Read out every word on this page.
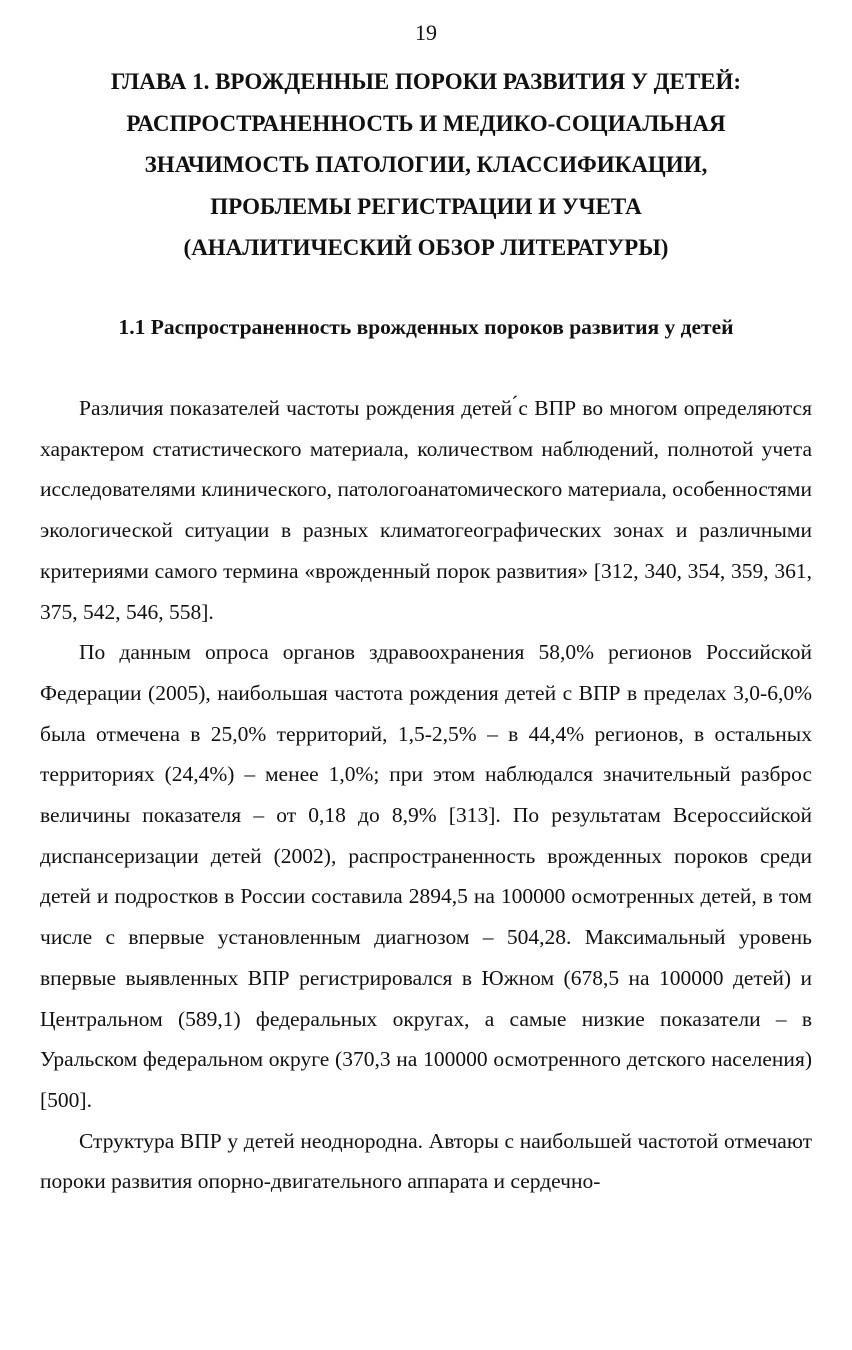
19
ГЛАВА 1. ВРОЖДЕННЫЕ ПОРОКИ РАЗВИТИЯ У ДЕТЕЙ:
РАСПРОСТРАНЕННОСТЬ И МЕДИКО-СОЦИАЛЬНАЯ
ЗНАЧИМОСТЬ ПАТОЛОГИИ, КЛАССИФИКАЦИИ,
ПРОБЛЕМЫ РЕГИСТРАЦИИ И УЧЕТА
(АНАЛИТИЧЕСКИЙ ОБЗОР ЛИТЕРАТУРЫ)
1.1 Распространенность врожденных пороков развития у детей

Различия показателей частоты рождения детей ́с ВПР во многом определяются характером статистического материала, количеством наблюдений, полнотой учета исследователями клинического, патологоанатомического материала, особенностями экологической ситуации в разных климатогеографических зонах и различными критериями самого термина «врожденный порок развития» [312, 340, 354, 359, 361, 375, 542, 546, 558].

По данным опроса органов здравоохранения 58,0% регионов Российской Федерации (2005), наибольшая частота рождения детей с ВПР в пределах 3,0-6,0% была отмечена в 25,0% территорий, 1,5-2,5% – в 44,4% регионов, в остальных территориях (24,4%) – менее 1,0%; при этом наблюдался значительный разброс величины показателя – от 0,18 до 8,9% [313]. По результатам Всероссийской диспансеризации детей (2002), распространенность врожденных пороков среди детей и подростков в России составила 2894,5 на 100000 осмотренных детей, в том числе с впервые установленным диагнозом – 504,28. Максимальный уровень впервые выявленных ВПР регистрировался в Южном (678,5 на 100000 детей) и Центральном (589,1) федеральных округах, а самые низкие показатели – в Уральском федеральном округе (370,3 на 100000 осмотренного детского населения) [500].

Структура ВПР у детей неоднородна. Авторы с наибольшей частотой отмечают пороки развития опорно-двигательного аппарата и сердечно-
